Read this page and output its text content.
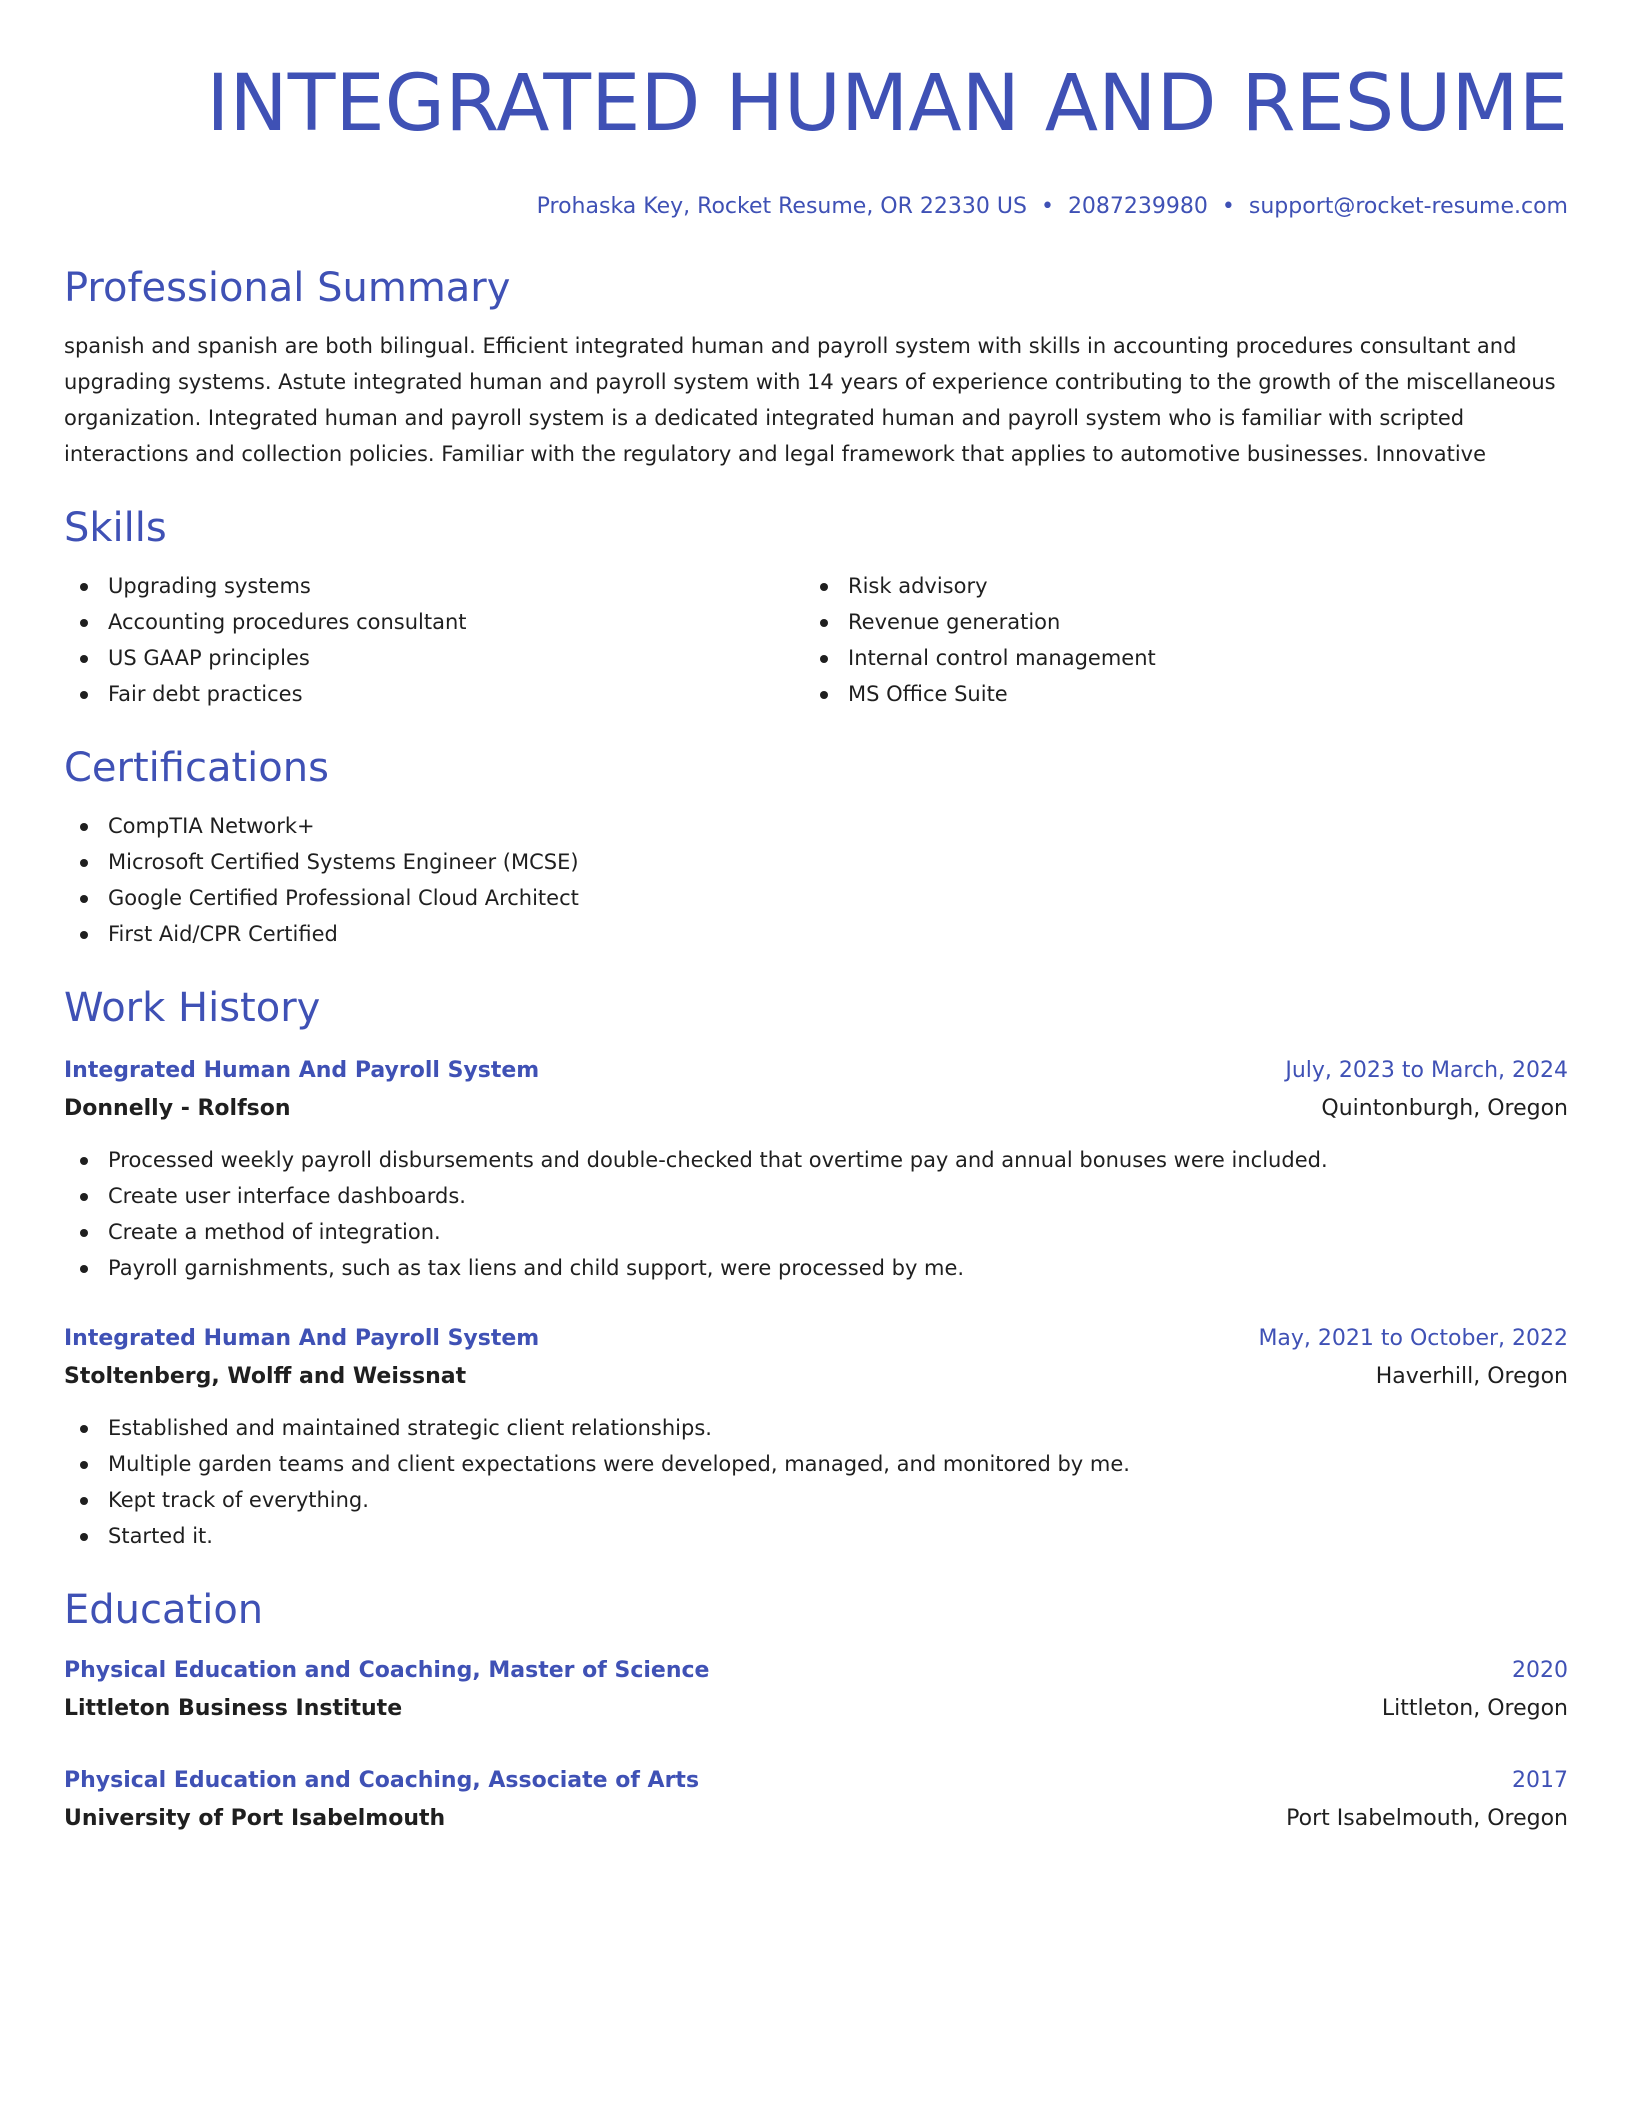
INTEGRATED HUMAN AND RESUME
Prohaska Key, Rocket Resume, OR 22330 US • 2087239980 • support@rocket-resume.com
Professional Summary

spanish and spanish are both bilingual. Efficient integrated human and payroll system with skills in accounting procedures consultant and upgrading systems. Astute integrated human and payroll system with 14 years of experience contributing to the growth of the miscellaneous organization. Integrated human and payroll system is a dedicated integrated human and payroll system who is familiar with scripted interactions and collection policies. Familiar with the regulatory and legal framework that applies to automotive businesses. Innovative

Skills
Upgrading systems
Accounting procedures consultant
US GAAP principles
Fair debt practices
Risk advisory
Revenue generation
Internal control management
MS Office Suite
Certifications
CompTIA Network+
Microsoft Certified Systems Engineer (MCSE)
Google Certified Professional Cloud Architect
First Aid/CPR Certified
Work History
Integrated Human And Payroll System	July, 2023 to March, 2024
Donnelly - Rolfson	Quintonburgh, Oregon
Processed weekly payroll disbursements and double-checked that overtime pay and annual bonuses were included.
Create user interface dashboards.
Create a method of integration.
Payroll garnishments, such as tax liens and child support, were processed by me.
Integrated Human And Payroll System	May, 2021 to October, 2022
Stoltenberg, Wolff and Weissnat	Haverhill, Oregon
Established and maintained strategic client relationships.
Multiple garden teams and client expectations were developed, managed, and monitored by me.
Kept track of everything.
Started it.
Education
Physical Education and Coaching, Master of Science	2020
Littleton Business Institute	Littleton, Oregon
Physical Education and Coaching, Associate of Arts	2017
University of Port Isabelmouth	Port Isabelmouth, Oregon
